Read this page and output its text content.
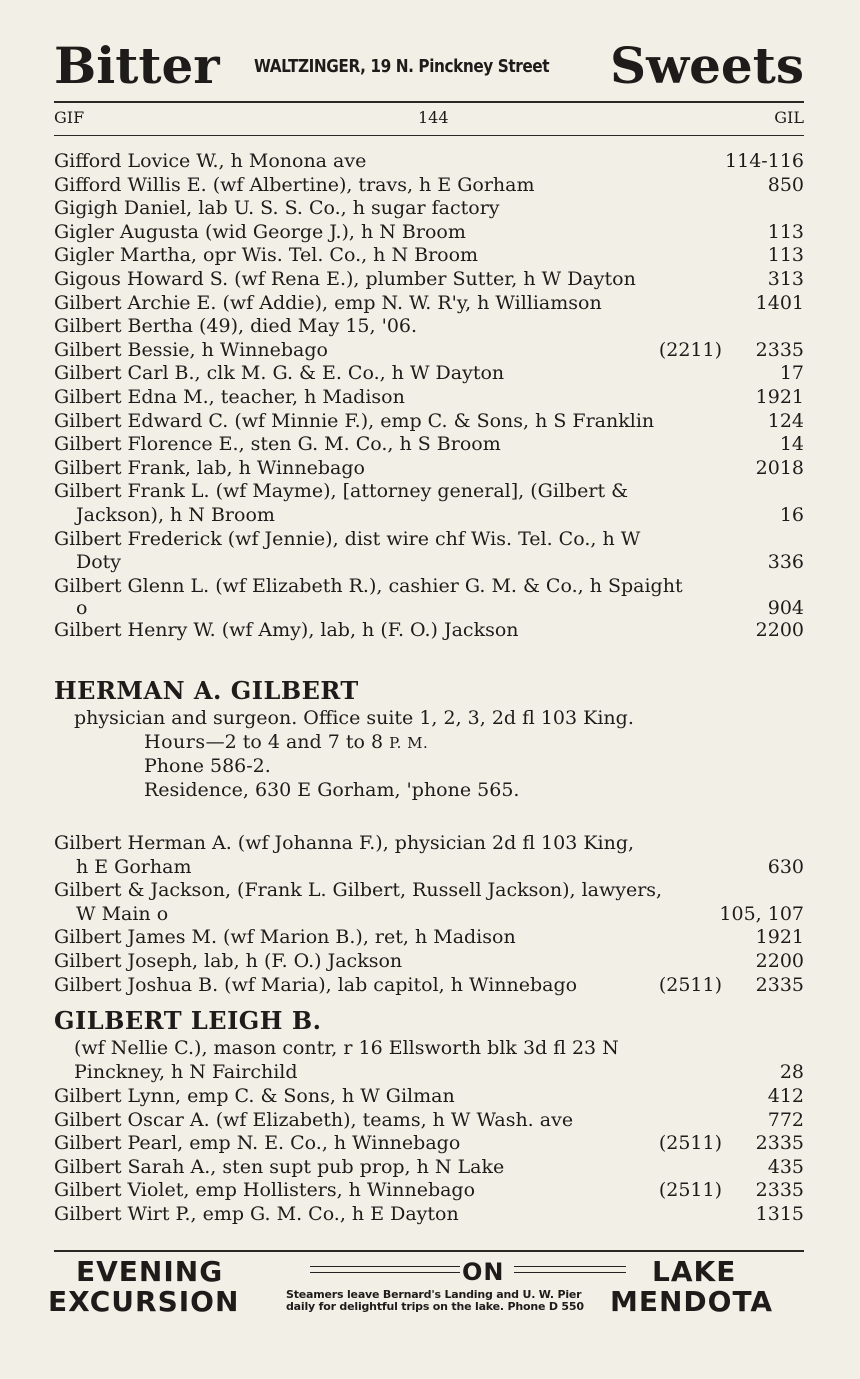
Bitter WALTZINGER, 19 N. Pinckney Street Sweets
GIF	144	GIL
Gifford Lovice W., h Monona ave	114-116
Gifford Willis E. (wf Albertine), travs, h E Gorham	850
Gigigh Daniel, lab U. S. S. Co., h sugar factory
Gigler Augusta (wid George J.), h N Broom	113
Gigler Martha, opr Wis. Tel. Co., h N Broom	113
Gigous Howard S. (wf Rena E.), plumber Sutter, h W Dayton	313
Gilbert Archie E. (wf Addie), emp N. W. R'y, h Williamson	1401
Gilbert Bertha (49), died May 15, '06.
Gilbert Bessie, h Winnebago	(2211) 2335
Gilbert Carl B., clk M. G. & E. Co., h W Dayton	17
Gilbert Edna M., teacher, h Madison	1921
Gilbert Edward C. (wf Minnie F.), emp C. & Sons, h S Franklin	124
Gilbert Florence E., sten G. M. Co., h S Broom	14
Gilbert Frank, lab, h Winnebago	2018
Gilbert Frank L. (wf Mayme), [attorney general], (Gilbert &
Jackson), h N Broom	16
Gilbert Frederick (wf Jennie), dist wire chf Wis. Tel. Co., h W
Doty	336
Gilbert Glenn L. (wf Elizabeth R.), cashier G. M. & Co., h Spaight
o	904
Gilbert Henry W. (wf Amy), lab, h (F. O.) Jackson	2200
HERMAN A. GILBERT
physician and surgeon. Office suite 1, 2, 3, 2d fl 103 King.
Hours—2 to 4 and 7 to 8 P. M.
Phone 586-2.
Residence, 630 E Gorham, 'phone 565.
Gilbert Herman A. (wf Johanna F.), physician 2d fl 103 King,
h E Gorham	630
Gilbert & Jackson, (Frank L. Gilbert, Russell Jackson), lawyers,
W Main o	105, 107
Gilbert James M. (wf Marion B.), ret, h Madison	1921
Gilbert Joseph, lab, h (F. O.) Jackson	2200
Gilbert Joshua B. (wf Maria), lab capitol, h Winnebago	(2511) 2335
GILBERT LEIGH B.
(wf Nellie C.), mason contr, r 16 Ellsworth blk 3d fl 23 N
Pinckney, h N Fairchild	28
Gilbert Lynn, emp C. & Sons, h W Gilman	412
Gilbert Oscar A. (wf Elizabeth), teams, h W Wash. ave	772
Gilbert Pearl, emp N. E. Co., h Winnebago	(2511) 2335
Gilbert Sarah A., sten supt pub prop, h N Lake	435
Gilbert Violet, emp Hollisters, h Winnebago	(2511) 2335
Gilbert Wirt P., emp G. M. Co., h E Dayton	1315
EVENING	ON	LAKE
EXCURSION	Steamers leave Bernard's Landing and U. W. Pier
daily for delightful trips on the lake. Phone D 550 MENDOTA
